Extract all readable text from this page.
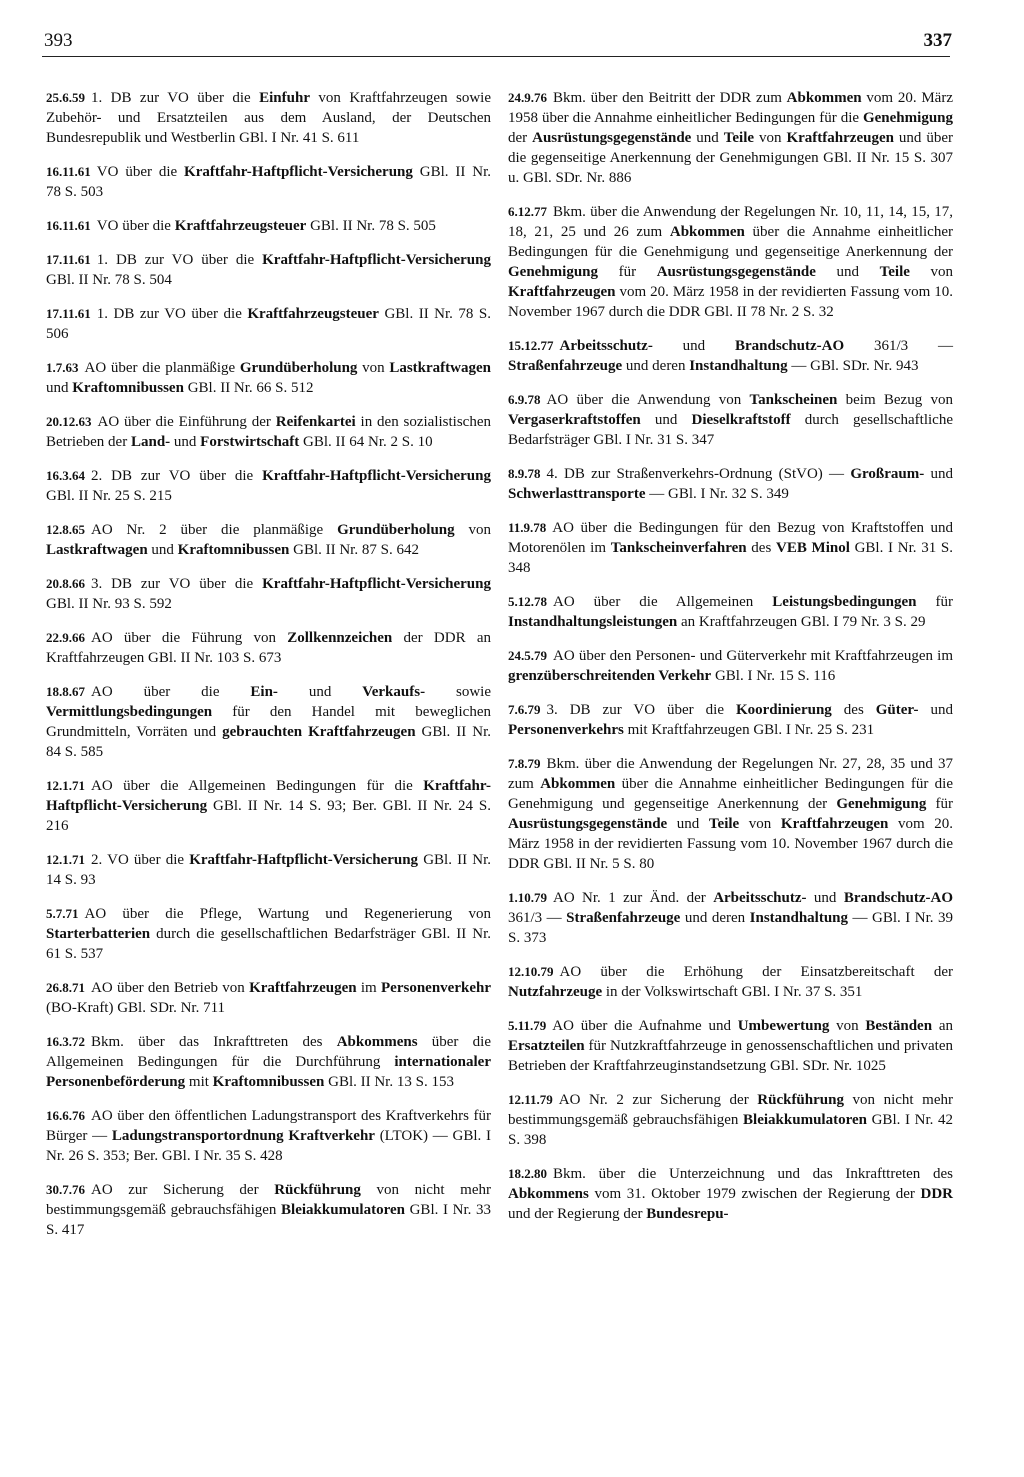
393	337

25.6.59 1. DB zur VO über die Einfuhr von Kraftfahrzeugen sowie Zubehör- und Ersatzteilen aus dem Ausland, der Deutschen Bundesrepublik und Westberlin GBl. I Nr. 41 S. 611

16.11.61 VO über die Kraftfahr-Haftpflicht-Versicherung GBl. II Nr. 78 S. 503

16.11.61 VO über die Kraftfahrzeugsteuer GBl. II Nr. 78 S. 505

17.11.61 1. DB zur VO über die Kraftfahr-Haftpflicht-Versicherung GBl. II Nr. 78 S. 504

17.11.61 1. DB zur VO über die Kraftfahrzeugsteuer GBl. II Nr. 78 S. 506

1.7.63 AO über die planmäßige Grundüberholung von Lastkraftwagen und Kraftomnibussen GBl. II Nr. 66 S. 512

20.12.63 AO über die Einführung der Reifenkartei in den sozialistischen Betrieben der Land- und Forstwirtschaft GBl. II 64 Nr. 2 S. 10

16.3.64 2. DB zur VO über die Kraftfahr-Haftpflicht-Versicherung GBl. II Nr. 25 S. 215

12.8.65 AO Nr. 2 über die planmäßige Grundüberholung von Lastkraftwagen und Kraftomnibussen GBl. II Nr. 87 S. 642

20.8.66 3. DB zur VO über die Kraftfahr-Haftpflicht-Versicherung GBl. II Nr. 93 S. 592

22.9.66 AO über die Führung von Zollkennzeichen der DDR an Kraftfahrzeugen GBl. II Nr. 103 S. 673

18.8.67 AO über die Ein- und Verkaufs- sowie Vermittlungsbedingungen für den Handel mit beweglichen Grundmitteln, Vorräten und gebrauchten Kraftfahrzeugen GBl. II Nr. 84 S. 585

12.1.71 AO über die Allgemeinen Bedingungen für die Kraftfahr-Haftpflicht-Versicherung GBl. II Nr. 14 S. 93; Ber. GBl. II Nr. 24 S. 216

12.1.71 2. VO über die Kraftfahr-Haftpflicht-Versicherung GBl. II Nr. 14 S. 93

5.7.71 AO über die Pflege, Wartung und Regenerierung von Starterbatterien durch die gesellschaftlichen Bedarfsträger GBl. II Nr. 61 S. 537

26.8.71 AO über den Betrieb von Kraftfahrzeugen im Personenverkehr (BO-Kraft) GBl. SDr. Nr. 711

16.3.72 Bkm. über das Inkrafttreten des Abkommens über die Allgemeinen Bedingungen für die Durchführung internationaler Personenbeförderung mit Kraftomnibussen GBl. II Nr. 13 S. 153

16.6.76 AO über den öffentlichen Ladungstransport des Kraftverkehrs für Bürger — Ladungstransportordnung Kraftverkehr (LTOK) — GBl. I Nr. 26 S. 353; Ber. GBl. I Nr. 35 S. 428

30.7.76 AO zur Sicherung der Rückführung von nicht mehr bestimmungsgemäß gebrauchsfähigen Bleiakkumulatoren GBl. I Nr. 33 S. 417

24.9.76 Bkm. über den Beitritt der DDR zum Abkommen vom 20. März 1958 über die Annahme einheitlicher Bedingungen für die Genehmigung der Ausrüstungsgegenstände und Teile von Kraftfahrzeugen und über die gegenseitige Anerkennung der Genehmigungen GBl. II Nr. 15 S. 307 u. GBl. SDr. Nr. 886

6.12.77 Bkm. über die Anwendung der Regelungen Nr. 10, 11, 14, 15, 17, 18, 21, 25 und 26 zum Abkommen über die Annahme einheitlicher Bedingungen für die Genehmigung und gegenseitige Anerkennung der Genehmigung für Ausrüstungsgegenstände und Teile von Kraftfahrzeugen vom 20. März 1958 in der revidierten Fassung vom 10. November 1967 durch die DDR GBl. II 78 Nr. 2 S. 32

15.12.77 Arbeitsschutz- und Brandschutz-AO 361/3 — Straßenfahrzeuge und deren Instandhaltung — GBl. SDr. Nr. 943

6.9.78 AO über die Anwendung von Tankscheinen beim Bezug von Vergaserkraftstoffen und Dieselkraftstoff durch gesellschaftliche Bedarfsträger GBl. I Nr. 31 S. 347

8.9.78 4. DB zur Straßenverkehrs-Ordnung (StVO) — Großraum- und Schwerlasttransporte — GBl. I Nr. 32 S. 349

11.9.78 AO über die Bedingungen für den Bezug von Kraftstoffen und Motorenölen im Tankscheinverfahren des VEB Minol GBl. I Nr. 31 S. 348

5.12.78 AO über die Allgemeinen Leistungsbedingungen für Instandhaltungsleistungen an Kraftfahrzeugen GBl. I 79 Nr. 3 S. 29

24.5.79 AO über den Personen- und Güterverkehr mit Kraftfahrzeugen im grenzüberschreitenden Verkehr GBl. I Nr. 15 S. 116

7.6.79 3. DB zur VO über die Koordinierung des Güter- und Personenverkehrs mit Kraftfahrzeugen GBl. I Nr. 25 S. 231

7.8.79 Bkm. über die Anwendung der Regelungen Nr. 27, 28, 35 und 37 zum Abkommen über die Annahme einheitlicher Bedingungen für die Genehmigung und gegenseitige Anerkennung der Genehmigung für Ausrüstungsgegenstände und Teile von Kraftfahrzeugen vom 20. März 1958 in der revidierten Fassung vom 10. November 1967 durch die DDR GBl. II Nr. 5 S. 80

1.10.79 AO Nr. 1 zur Änd. der Arbeitsschutz- und Brandschutz-AO 361/3 — Straßenfahrzeuge und deren Instandhaltung — GBl. I Nr. 39 S. 373

12.10.79 AO über die Erhöhung der Einsatzbereitschaft der Nutzfahrzeuge in der Volkswirtschaft GBl. I Nr. 37 S. 351

5.11.79 AO über die Aufnahme und Umbewertung von Beständen an Ersatzteilen für Nutzkraftfahrzeuge in genossenschaftlichen und privaten Betrieben der Kraftfahrzeuginstandsetzung GBl. SDr. Nr. 1025

12.11.79 AO Nr. 2 zur Sicherung der Rückführung von nicht mehr bestimmungsgemäß gebrauchsfähigen Bleiakkumulatoren GBl. I Nr. 42 S. 398

18.2.80 Bkm. über die Unterzeichnung und das Inkrafttreten des Abkommens vom 31. Oktober 1979 zwischen der Regierung der DDR und der Regierung der Bundesrepu-
